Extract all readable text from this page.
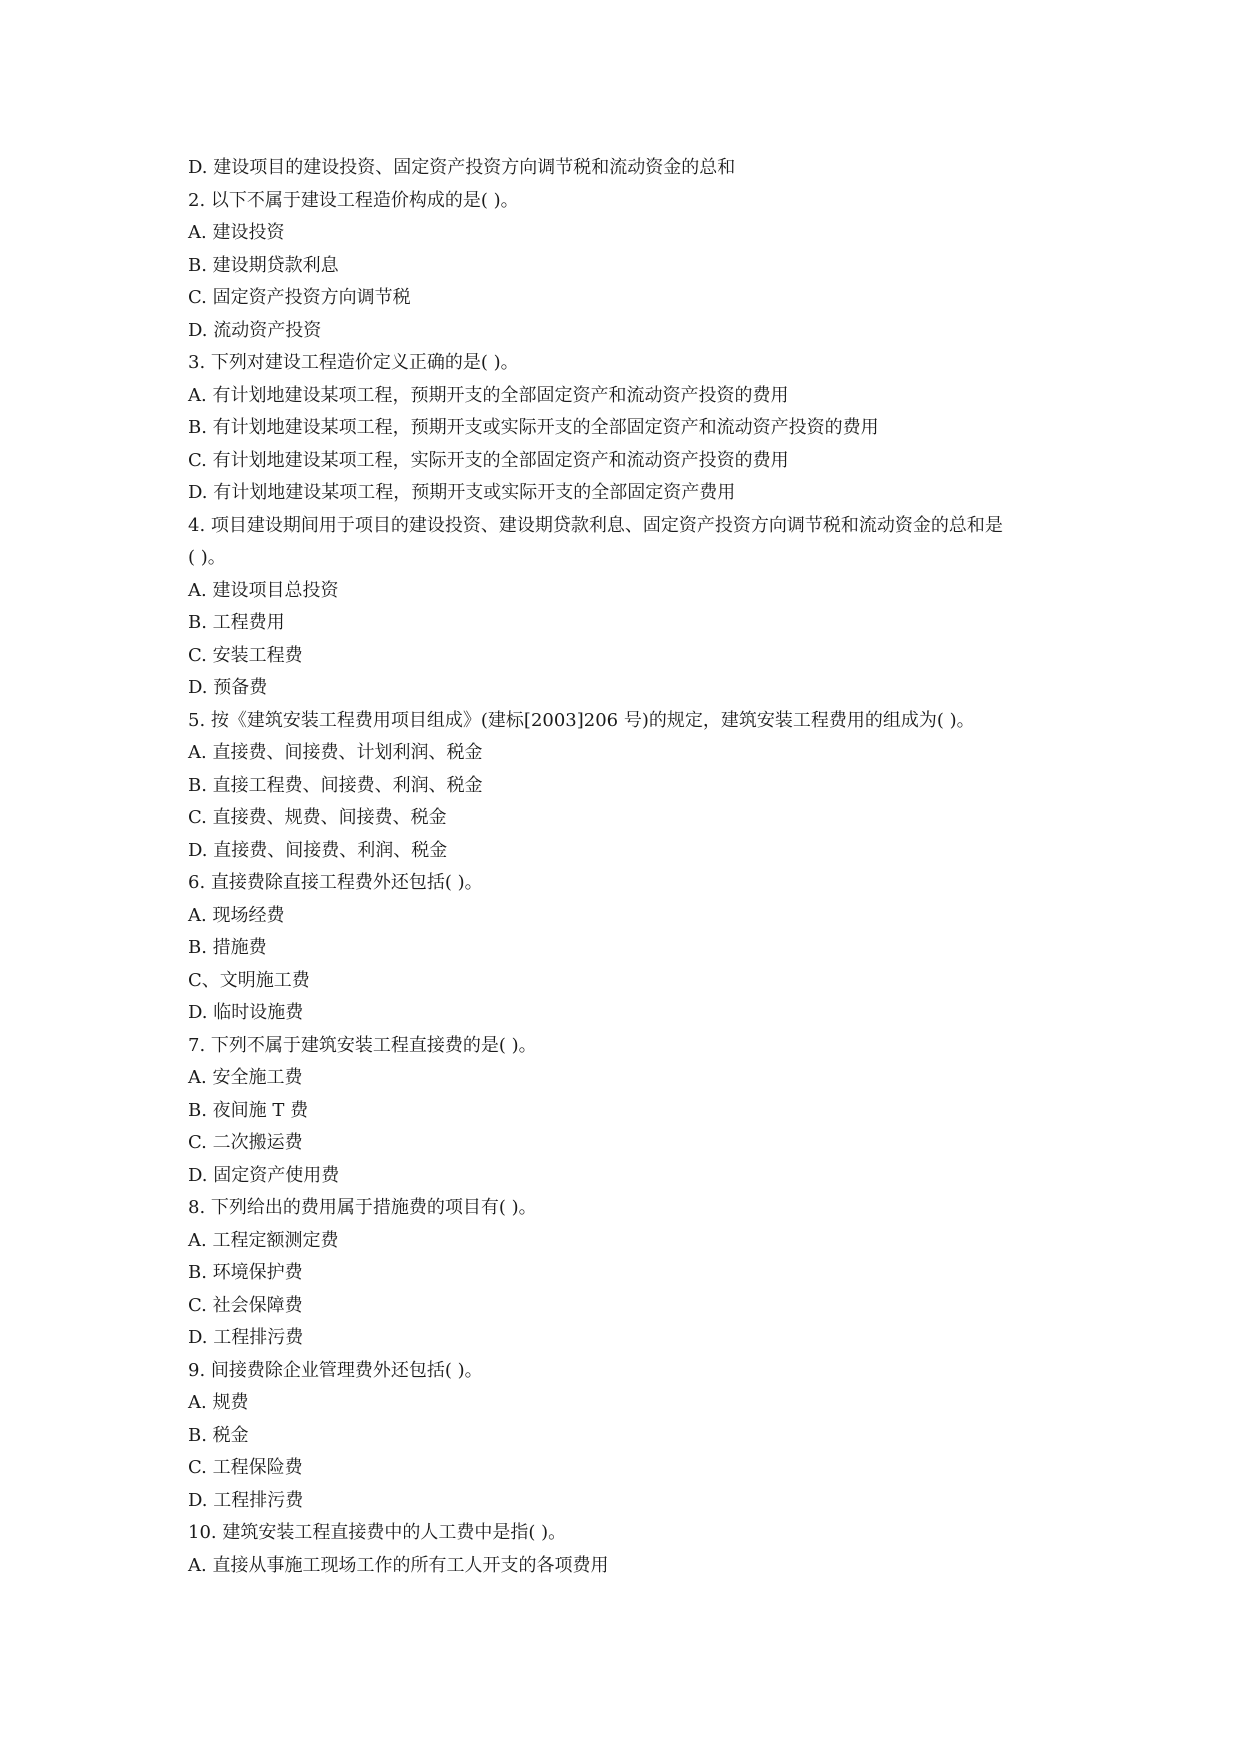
D. 建设项目的建设投资、固定资产投资方向调节税和流动资金的总和
2. 以下不属于建设工程造价构成的是( )。
A. 建设投资
B. 建设期贷款利息
C. 固定资产投资方向调节税
D. 流动资产投资
3. 下列对建设工程造价定义正确的是( )。
A. 有计划地建设某项工程，预期开支的全部固定资产和流动资产投资的费用
B. 有计划地建设某项工程，预期开支或实际开支的全部固定资产和流动资产投资的费用
C. 有计划地建设某项工程，实际开支的全部固定资产和流动资产投资的费用
D. 有计划地建设某项工程，预期开支或实际开支的全部固定资产费用
4. 项目建设期间用于项目的建设投资、建设期贷款利息、固定资产投资方向调节税和流动资金的总和是
( )。
A. 建设项目总投资
B. 工程费用
C. 安装工程费
D. 预备费
5. 按《建筑安装工程费用项目组成》(建标[2003]206 号)的规定，建筑安装工程费用的组成为( )。
A. 直接费、间接费、计划利润、税金
B. 直接工程费、间接费、利润、税金
C. 直接费、规费、间接费、税金
D. 直接费、间接费、利润、税金
6. 直接费除直接工程费外还包括( )。
A. 现场经费
B. 措施费
C、文明施工费
D. 临时设施费
7. 下列不属于建筑安装工程直接费的是( )。
A. 安全施工费
B. 夜间施 T 费
C. 二次搬运费
D. 固定资产使用费
8. 下列给出的费用属于措施费的项目有( )。
A. 工程定额测定费
B. 环境保护费
C. 社会保障费
D. 工程排污费
9. 间接费除企业管理费外还包括( )。
A. 规费
B. 税金
C. 工程保险费
D. 工程排污费
10. 建筑安装工程直接费中的人工费中是指( )。
A. 直接从事施工现场工作的所有工人开支的各项费用
